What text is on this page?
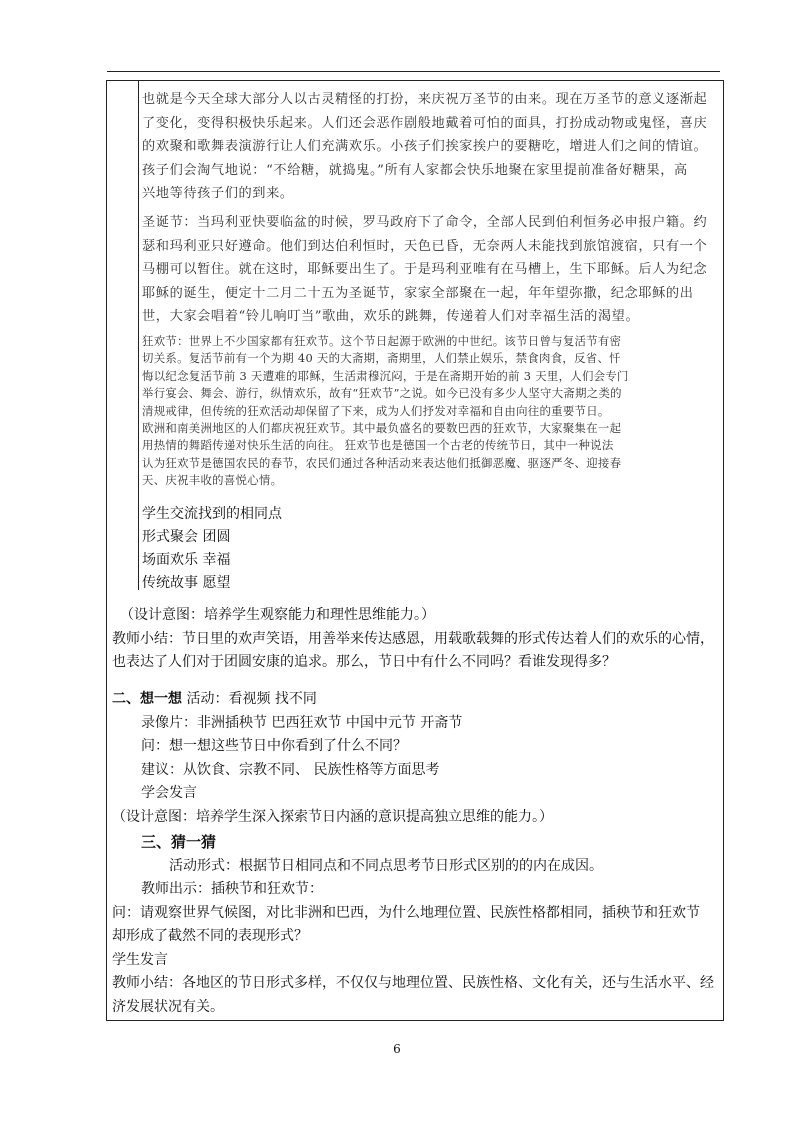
也就是今天全球大部分人以古灵精怪的打扮，来庆祝万圣节的由来。现在万圣节的意义逐渐起

了变化，变得积极快乐起来。人们还会恶作剧般地戴着可怕的面具，打扮成动物或鬼怪，喜庆

的欢聚和歌舞表演游行让人们充满欢乐。小孩子们挨家挨户的要糖吃，增进人们之间的情谊。

孩子们会淘气地说：“不给糖，就捣鬼。”所有人家都会快乐地聚在家里提前准备好糖果，高

兴地等待孩子们的到来。

圣诞节：当玛利亚快要临盆的时候，罗马政府下了命令，全部人民到伯利恒务必申报户籍。约

瑟和玛利亚只好遵命。他们到达伯利恒时，天色已昏，无奈两人未能找到旅馆渡宿，只有一个

马棚可以暂住。就在这时，耶稣要出生了。于是玛利亚唯有在马槽上，生下耶稣。后人为纪念

耶稣的诞生，便定十二月二十五为圣诞节，家家全部聚在一起，年年望弥撒，纪念耶稣的出

世，大家会唱着“铃儿响叮当”歌曲，欢乐的跳舞，传递着人们对幸福生活的渴望。

狂欢节：世界上不少国家都有狂欢节。这个节日起源于欧洲的中世纪。该节日曾与复活节有密

切关系。复活节前有一个为期 40 天的大斋期，斋期里，人们禁止娱乐，禁食肉食，反省、忏

悔以纪念复活节前 3 天遭难的耶稣，生活肃穆沉闷，于是在斋期开始的前 3 天里，人们会专门

举行宴会、舞会、游行，纵情欢乐，故有“狂欢节”之说。如今已没有多少人坚守大斋期之类的

清规戒律，但传统的狂欢活动却保留了下来，成为人们抒发对幸福和自由向往的重要节日。

欧洲和南美洲地区的人们都庆祝狂欢节。其中最负盛名的要数巴西的狂欢节，大家聚集在一起

用热情的舞蹈传递对快乐生活的向往。 狂欢节也是德国一个古老的传统节日，其中一种说法

认为狂欢节是德国农民的春节，农民们通过各种活动来表达他们抵御恶魔、驱逐严冬、迎接春

天、庆祝丰收的喜悦心情。

学生交流找到的相同点

形式聚会 团圆

场面欢乐 幸福

传统故事 愿望

（设计意图：培养学生观察能力和理性思维能力。）

教师小结：节日里的欢声笑语，用善举来传达感恩，用载歌载舞的形式传达着人们的欢乐的心情，

也表达了人们对于团圆安康的追求。那么，节日中有什么不同吗？看谁发现得多？

二、想一想 活动：看视频 找不同

录像片：非洲插秧节 巴西狂欢节 中国中元节 开斋节

问：想一想这些节日中你看到了什么不同？

建议：从饮食、宗教不同、 民族性格等方面思考

学会发言

（设计意图：培养学生深入探索节日内涵的意识提高独立思维的能力。）

三、猜一猜

活动形式：根据节日相同点和不同点思考节日形式区别的的内在成因。

教师出示：插秧节和狂欢节：

问：请观察世界气候图，对比非洲和巴西，为什么地理位置、民族性格都相同，插秧节和狂欢节

却形成了截然不同的表现形式？

学生发言

教师小结：各地区的节日形式多样，不仅仅与地理位置、民族性格、文化有关，还与生活水平、经

济发展状况有关。

6
